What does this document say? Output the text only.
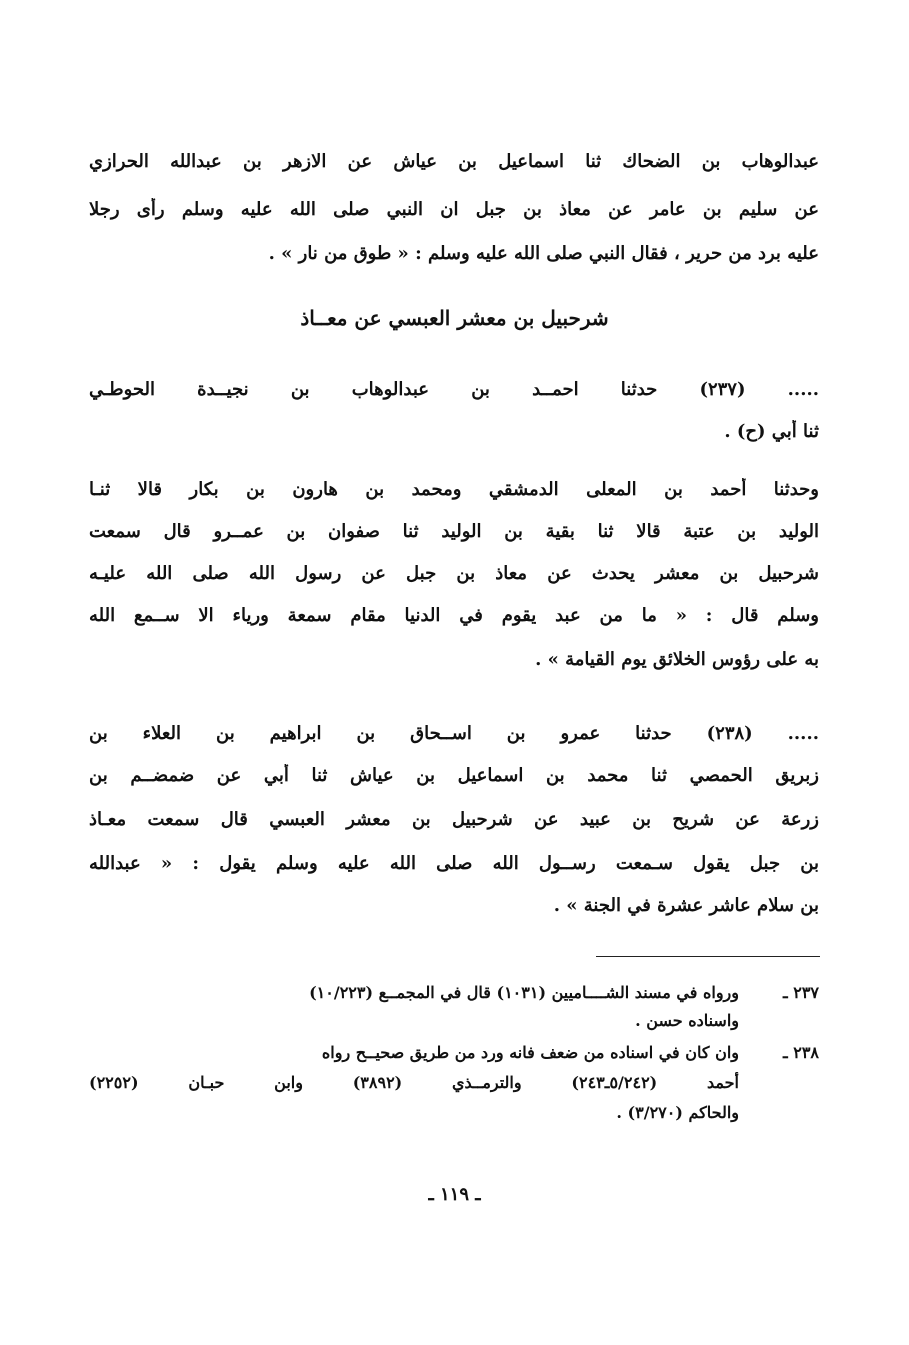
عبدالوهاب بن الضحاك ثنا اسماعيل بن عياش عن الازهر بن عبدالله الحرازي
عن سليم بن عامر عن معاذ بن جبل ان النبي صلى الله عليه وسلم رأى رجلا
عليه برد من حرير ، فقال النبي صلى الله عليه وسلم : « طوق من نار » .
شرحبيل بن معشر العبسي عن معــاذ
..... (٢٣٧) حدثنا احمــد بن عبدالوهاب بن نجيــدة الحوطـي
ثنا أبي (ح) .
وحدثنا أحمد بن المعلى الدمشقي ومحمد بن هارون بن بكار قالا ثنـا
الوليد بن عتبة قالا ثنا بقية بن الوليد ثنا صفوان بن عمــرو قال سمعت
شرحبيل بن معشر يحدث عن معاذ بن جبل عن رسول الله صلى الله عليـه
وسلم قال : « ما من عبد يقوم في الدنيا مقام سمعة ورياء الا ســمع الله
به على رؤوس الخلائق يوم القيامة » .
..... (٢٣٨) حدثنا عمرو بن اســحاق بن ابراهيم بن العلاء بن
زبريق الحمصي ثنا محمد بن اسماعيل بن عياش ثنا أبي عن ضمضــم بن
زرعة عن شريح بن عبيد عن شرحبيل بن معشر العبسي قال سمعت معـاذ
بن جبل يقول سـمعت رســول الله صلى الله عليه وسلم يقول : « عبدالله
بن سلام عاشر عشرة في الجنة » .
٢٣٧ ـورواه في مسند الشــــاميين (١٠٣١) قال في المجمــع (١٠/٢٢٣)
واسناده حسن .
٢٣٨ ـوان كان في اسناده من ضعف فانه ورد من طريق صحيــح رواه
أحمد (٥/٢٤٢ـ٢٤٣) والترمــذي (٣٨٩٢) وابن حبـان (٢٢٥٢)
والحاكم (٣/٢٧٠) .
ـ ١١٩ ـ
